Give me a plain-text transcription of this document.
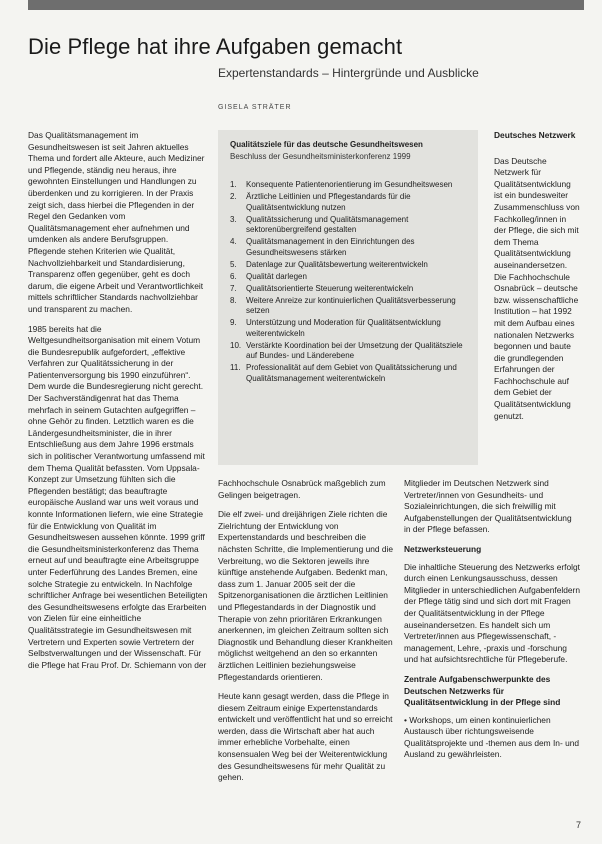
Die Pflege hat ihre Aufgaben gemacht
Expertenstandards – Hintergründe und Ausblicke
GISELA STRÄTER

Das Qualitätsmanagement im Gesundheitswesen ist seit Jahren aktuelles Thema und fordert alle Akteure, auch Mediziner und Pflegende, ständig neu heraus, ihre gewohnten Einstellungen und Handlungen zu überdenken und zu korrigieren. In der Praxis zeigt sich, dass hierbei die Pflegenden in der Regel den Gedanken vom Qualitätsmanagement eher aufnehmen und umdenken als andere Berufsgruppen. Pflegende stehen Kriterien wie Qualität, Nachvollziehbarkeit und Standardisierung, Transparenz offen gegenüber, geht es doch darum, die eigene Arbeit und Verantwortlichkeit mittels schriftlicher Standards nachvollziehbar und transparent zu machen.

1985 bereits hat die Weltgesundheitsorganisation mit einem Votum die Bundesrepublik aufgefordert, „effektive Verfahren zur Qualitätssicherung in der Patientenversorgung bis 1990 einzuführen“. Dem wurde die Bundesregierung nicht gerecht. Der Sachverständigenrat hat das Thema mehrfach in seinem Gutachten aufgegriffen – ohne Gehör zu finden. Letztlich waren es die Ländergesundheitsminister, die in ihrer Entschließung aus dem Jahre 1996 erstmals sich in politischer Verantwortung umfassend mit dem Thema Qualität befassten. Vom Uppsala-Konzept zur Umsetzung fühlten sich die Pflegenden bestätigt; das beauftragte europäische Ausland war uns weit voraus und konnte Informationen liefern, wie eine Strategie für die Entwicklung von Qualität im Gesundheitswesen aussehen könnte. 1999 griff die Gesundheitsministerkonferenz das Thema erneut auf und beauftragte eine Arbeitsgruppe unter Federführung des Landes Bremen, eine solche Strategie zu entwickeln. In Nachfolge schriftlicher Anfrage bei wesentlichen Beteiligten des Gesundheitswesens erfolgte das Erarbeiten von Zielen für eine einheitliche Qualitätsstrategie im Gesundheitswesen mit Vertretern und Experten sowie Vertretern der Selbstverwaltungen und der Wissenschaft. Für die Pflege hat Frau Prof. Dr. Schiemann von der

Qualitätsziele für das deutsche Gesundheitswesen
Beschluss der Gesundheitsministerkonferenz 1999
1.	Konsequente Patientenorientierung im Gesundheitswesen
2.	Ärztliche Leitlinien und Pflegestandards für die Qualitätsentwicklung nutzen
3.	Qualitätssicherung und Qualitätsmanagement sektorenübergreifend gestalten
4.	Qualitätsmanagement in den Einrichtungen des Gesundheitswesens stärken
5.	Datenlage zur Qualitätsbewertung weiterentwickeln
6.	Qualität darlegen
7.	Qualitätsorientierte Steuerung weiterentwickeln
8.	Weitere Anreize zur kontinuierlichen Qualitätsverbesserung setzen
9.	Unterstützung und Moderation für Qualitätsentwicklung weiterentwickeln
10. Verstärkte Koordination bei der Umsetzung der Qualitätsziele auf Bundes- und Länderebene
11. Professionalität auf dem Gebiet von Qualitätssicherung und Qualitätsmanagement weiterentwickeln

Fachhochschule Osnabrück maßgeblich zum Gelingen beigetragen.

Die elf zwei- und dreijährigen Ziele richten die Zielrichtung der Entwicklung von Expertenstandards und beschreiben die nächsten Schritte, die Implementierung und die Verbreitung, wo die Sektoren jeweils ihre künftige anstehende Aufgaben. Bedenkt man, dass zum 1. Januar 2005 seit der die Spitzenorganisationen die ärztlichen Leitlinien und Pflegestandards in der Diagnostik und Therapie von zehn prioritären Erkrankungen anerkennen, im gleichen Zeitraum sollten sich Diagnostik und Behandlung dieser Krankheiten möglichst weitgehend an den so erkannten ärztlichen Leitlinien beziehungsweise Pflegestandards orientieren.

Heute kann gesagt werden, dass die Pflege in diesem Zeitraum einige Expertenstandards entwickelt und veröffentlicht hat und so erreicht werden, dass die Wirtschaft aber hat auch immer erhebliche Vorbehalte, einen konsensualen Weg bei der Weiterentwicklung des Gesundheitswesens für mehr Qualität zu gehen.

Deutsches Netzwerk

Das Deutsche Netzwerk für Qualitätsentwicklung ist ein bundesweiter Zusammenschluss von Fachkolleg/innen in der Pflege, die sich mit dem Thema Qualitätsentwicklung auseinandersetzen. Die Fachhochschule Osnabrück – deutsche bzw. wissenschaftliche Institution – hat 1992 mit dem Aufbau eines nationalen Netzwerks begonnen und baute die grundlegenden Erfahrungen der Fachhochschule auf dem Gebiet der Qualitätsentwicklung genutzt.

Mitglieder im Deutschen Netzwerk sind Vertreter/innen von Gesundheits- und Sozialeinrichtungen, die sich freiwillig mit Aufgabenstellungen der Qualitätsentwicklung in der Pflege befassen.

Netzwerksteuerung

Die inhaltliche Steuerung des Netzwerks erfolgt durch einen Lenkungsausschuss, dessen Mitglieder in unterschiedlichen Aufgabenfeldern der Pflege tätig sind und sich dort mit Fragen der Qualitätsentwicklung in der Pflege auseinandersetzen. Es handelt sich um Vertreter/innen aus Pflegewissenschaft, -management, Lehre, -praxis und -forschung und hat aufsichtsrechtliche für Pflegeberufe.

Zentrale Aufgabenschwerpunkte des Deutschen Netzwerks für Qualitätsentwicklung in der Pflege sind

• Workshops, um einen kontinuierlichen Austausch über richtungsweisende Qualitätsprojekte und -themen aus dem In- und Ausland zu gewährleisten.

7
